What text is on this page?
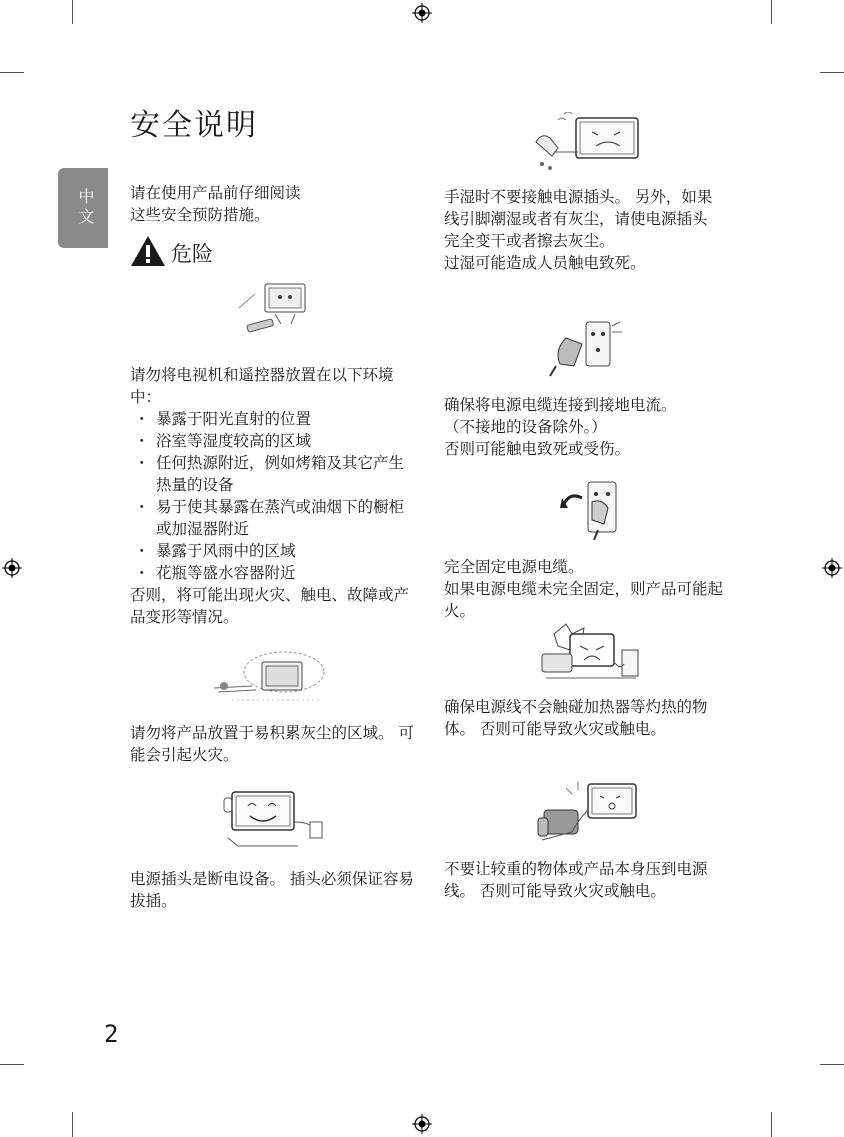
安全说明
中文 请在使用产品前仔细阅读
这些安全预防措施。
危险
请勿将电视机和遥控器放置在以下环境中：
・ 暴露于阳光直射的位置
・ 浴室等湿度较高的区域
・ 任何热源附近，例如烤箱及其它产生热量的设备
・ 易于使其暴露在蒸汽或油烟下的橱柜或加湿器附近
・ 暴露于风雨中的区域
・ 花瓶等盛水容器附近
否则，将可能出现火灾、触电、故障或产品变形等情况。
请勿将产品放置于易积累灰尘的区域。 可能会引起火灾。
电源插头是断电设备。 插头必须保证容易拔插。
手湿时不要接触电源插头。 另外，如果线引脚潮湿或者有灰尘，请使电源插头完全变干或者擦去灰尘。
过湿可能造成人员触电致死。
确保将电源电缆连接到接地电流。
（不接地的设备除外。）
否则可能触电致死或受伤。
完全固定电源电缆。
如果电源电缆未完全固定，则产品可能起火。
确保电源线不会触碰加热器等灼热的物体。 否则可能导致火灾或触电。
不要让较重的物体或产品本身压到电源线。 否则可能导致火灾或触电。
2
